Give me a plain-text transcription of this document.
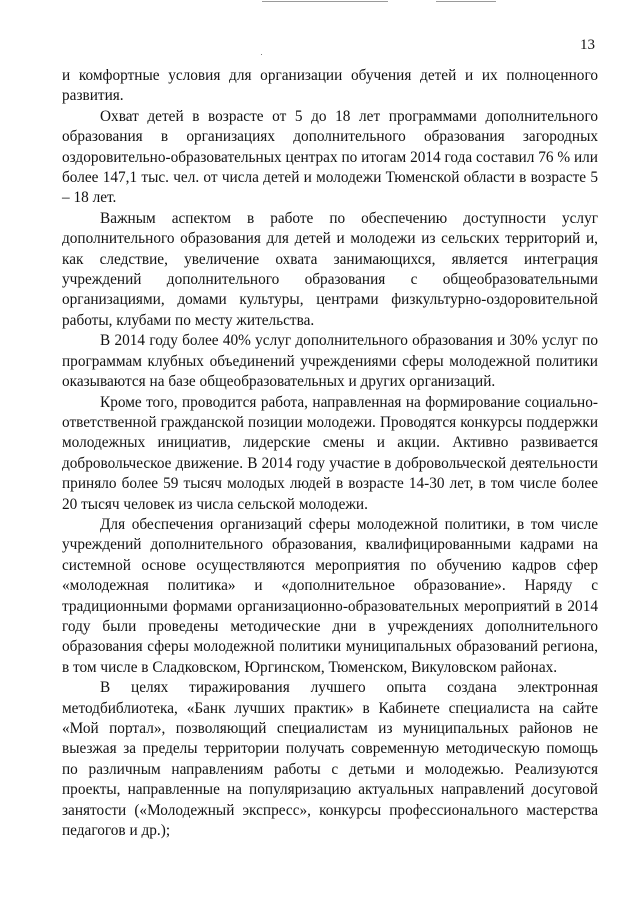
13

и комфортные условия для организации обучения детей и их полноценного развития.

Охват детей в возрасте от 5 до 18 лет программами дополнительного образования в организациях дополнительного образования загородных оздоровительно-образовательных центрах по итогам 2014 года составил 76 % или более 147,1 тыс. чел. от числа детей и молодежи Тюменской области в возрасте 5 – 18 лет.

Важным аспектом в работе по обеспечению доступности услуг дополнительного образования для детей и молодежи из сельских территорий и, как следствие, увеличение охвата занимающихся, является интеграция учреждений дополнительного образования с общеобразовательными организациями, домами культуры, центрами физкультурно-оздоровительной работы, клубами по месту жительства.

В 2014 году более 40% услуг дополнительного образования и 30% услуг по программам клубных объединений учреждениями сферы молодежной политики оказываются на базе общеобразовательных и других организаций.

Кроме того, проводится работа, направленная на формирование социально-ответственной гражданской позиции молодежи. Проводятся конкурсы поддержки молодежных инициатив, лидерские смены и акции. Активно развивается добровольческое движение. В 2014 году участие в добровольческой деятельности приняло более 59 тысяч молодых людей в возрасте 14-30 лет, в том числе более 20 тысяч человек из числа сельской молодежи.

Для обеспечения организаций сферы молодежной политики, в том числе учреждений дополнительного образования, квалифицированными кадрами на системной основе осуществляются мероприятия по обучению кадров сфер «молодежная политика» и «дополнительное образование». Наряду с традиционными формами организационно-образовательных мероприятий в 2014 году были проведены методические дни в учреждениях дополнительного образования сферы молодежной политики муниципальных образований региона, в том числе в Сладковском, Юргинском, Тюменском, Викуловском районах.

В целях тиражирования лучшего опыта создана электронная методбиблиотека, «Банк лучших практик» в Кабинете специалиста на сайте «Мой портал», позволяющий специалистам из муниципальных районов не выезжая за пределы территории получать современную методическую помощь по различным направлениям работы с детьми и молодежью. Реализуются проекты, направленные на популяризацию актуальных направлений досуговой занятости («Молодежный экспресс», конкурсы профессионального мастерства педагогов и др.);
